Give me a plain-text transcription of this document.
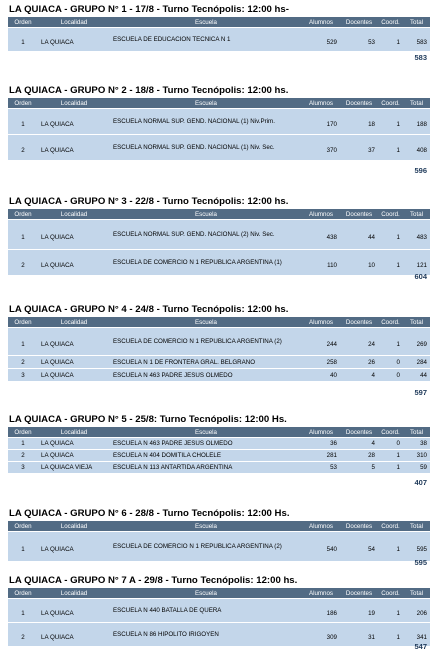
LA QUIACA - GRUPO N° 1 - 17/8 - Turno Tecnópolis: 12:00 hs-
Orden	Localidad	Escuela	Alumnos	Docentes	Coord.	Total
1	LA QUIACA	ESCUELA DE EDUCACION TECNICA N 1	529	53	1	583
583
LA QUIACA - GRUPO N° 2 - 18/8 - Turno Tecnópolis: 12:00 hs.
Orden	Localidad	Escuela	Alumnos	Docentes	Coord.	Total
1	LA QUIACA	ESCUELA NORMAL SUP. GEND. NACIONAL (1) Niv.Prim.	170	18	1	188
2	LA QUIACA	ESCUELA NORMAL SUP. GEND. NACIONAL (1) Niv. Sec.	370	37	1	408
596
LA QUIACA - GRUPO N° 3 - 22/8 - Turno Tecnópolis: 12:00 hs.
Orden	Localidad	Escuela	Alumnos	Docentes	Coord.	Total
1	LA QUIACA	ESCUELA NORMAL SUP. GEND. NACIONAL (2) Niv. Sec.	438	44	1	483
2	LA QUIACA	ESCUELA DE COMERCIO N 1 REPUBLICA ARGENTINA (1)	110	10	1	121
604
LA QUIACA - GRUPO N° 4 - 24/8 - Turno Tecnópolis: 12:00 hs.
Orden	Localidad	Escuela	Alumnos	Docentes	Coord.	Total
1	LA QUIACA	ESCUELA DE COMERCIO N 1 REPUBLICA ARGENTINA (2)	244	24	1	269
2	LA QUIACA	ESCUELA N 1 DE FRONTERA GRAL. BELGRANO	258	26	0	284
3	LA QUIACA	ESCUELA N 463 PADRE JESUS OLMEDO	40	4	0	44
597
LA QUIACA - GRUPO N° 5 - 25/8: Turno Tecnópolis: 12:00 Hs.
Orden	Localidad	Escuela	Alumnos	Docentes	Coord.	Total
1	LA QUIACA	ESCUELA N 463 PADRE JESUS OLMEDO	36	4	0	38
2	LA QUIACA	ESCUELA N 404 DOMITILA CHOLELE	281	28	1	310
3	LA QUIACA VIEJA	ESCUELA N 113 ANTARTIDA ARGENTINA	53	5	1	59
407
LA QUIACA - GRUPO N° 6 - 28/8 - Turno Tecnópolis: 12:00 Hs.
Orden	Localidad	Escuela	Alumnos	Docentes	Coord.	Total
1	LA QUIACA	ESCUELA DE COMERCIO N 1 REPUBLICA ARGENTINA (2)	540	54	1	595
595
LA QUIACA - GRUPO N° 7 A - 29/8 - Turno Tecnópolis: 12:00 hs.
Orden	Localidad	Escuela	Alumnos	Docentes	Coord.	Total
1	LA QUIACA	ESCUELA N 440 BATALLA DE QUERA	186	19	1	206
2	LA QUIACA	ESCUELA N 86 HIPOLITO IRIGOYEN	309	31	1	341
547
